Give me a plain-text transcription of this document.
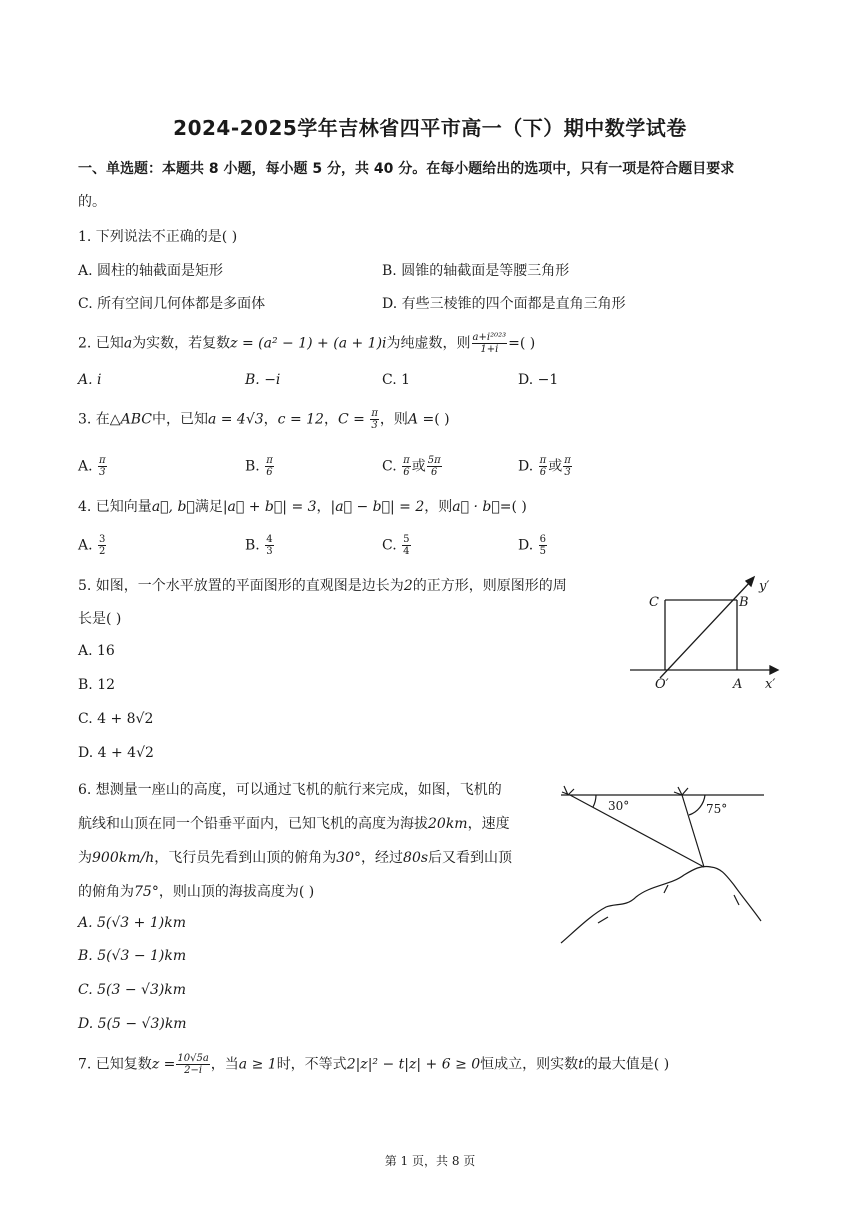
2024-2025学年吉林省四平市高一（下）期中数学试卷
一、单选题：本题共 8 小题，每小题 5 分，共 40 分。在每小题给出的选项中，只有一项是符合题目要求
的。
1. 下列说法不正确的是( )
A. 圆柱的轴截面是矩形	B. 圆锥的轴截面是等腰三角形
C. 所有空间几何体都是多面体	D. 有些三棱锥的四个面都是直角三角形
2. 已知a为实数，若复数z = (a² − 1) + (a + 1)i为纯虚数，则 $\frac{\text{a+i²⁰²³}}{1+i}$ =( )
A. i	B. −i	C. 1	D. −1
3. 在△ABC中，已知a = 4√3，c = 12，$C = \frac{\pi}{3}$ ，则A =( )
A. $\frac{\pi}{3}$	B. $\frac{\pi}{6}$	C. $\frac{\pi}{6}$ 或 $\frac{5\pi}{6}$	D. $\frac{\pi}{6}$ 或 $\frac{\pi}{3}$
4. 已知向量a⃗, b⃗满足|a⃗ + b⃗| = 3，|a⃗ − b⃗| = 2，则a⃗ · b⃗=( )
A. $\frac{3}{2}$	B. $\frac{4}{3}$	C. $\frac{5}{4}$	D. $\frac{6}{5}$
5. 如图，一个水平放置的平面图形的直观图是边长为2的正方形，则原图形的周
长是( )
A. 16
B. 12
C. 4 + 8√2
D. 4 + 4√2
C	B
O′	A x′
y′
6. 想测量一座山的高度，可以通过飞机的航行来完成，如图，飞机的
航线和山顶在同一个铅垂平面内，已知飞机的高度为海拔20km，速度
为900km/h，飞行员先看到山顶的俯角为30°，经过80s后又看到山顶
的俯角为75°，则山顶的海拔高度为( )
A. 5(√3 + 1)km
B. 5(√3 − 1)km
C. 5(3 − √3)km
D. 5(5 − √3)km
30°	75°
7. 已知复数$z = \frac{10√5a}{2-i}$ ，当a ≥ 1时，不等式2|z|² − t|z| + 6 ≥ 0恒成立，则实数t的最大值是( )
第 1 页，共 8 页
